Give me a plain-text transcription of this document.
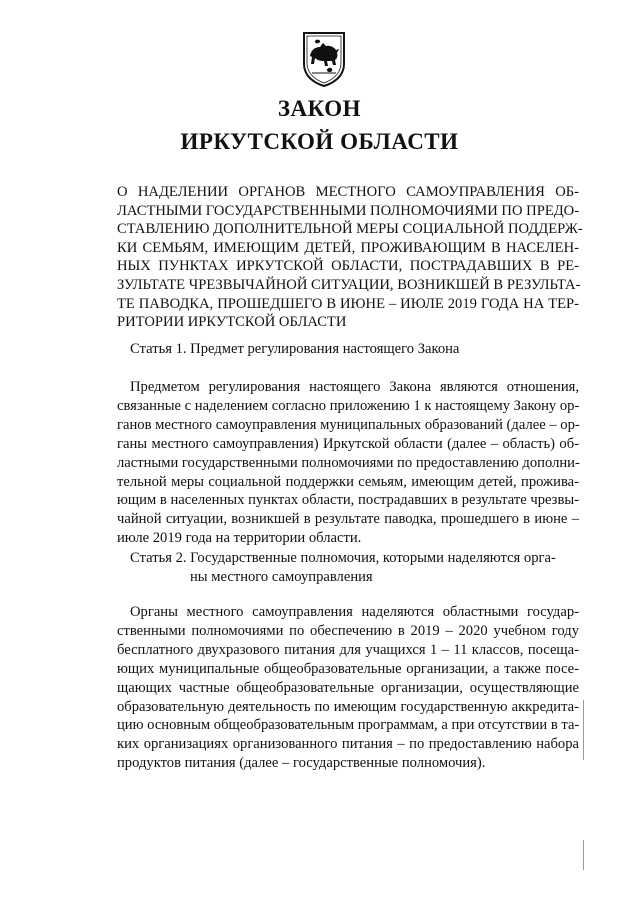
ЗАКОН
ИРКУТСКОЙ ОБЛАСТИ
О НАДЕЛЕНИИ ОРГАНОВ МЕСТНОГО САМОУПРАВЛЕНИЯ ОБ-
ЛАСТНЫМИ ГОСУДАРСТВЕННЫМИ ПОЛНОМОЧИЯМИ ПО ПРЕДО-
СТАВЛЕНИЮ ДОПОЛНИТЕЛЬНОЙ МЕРЫ СОЦИАЛЬНОЙ ПОДДЕРЖ-
КИ СЕМЬЯМ, ИМЕЮЩИМ ДЕТЕЙ, ПРОЖИВАЮЩИМ В НАСЕЛЕН-
НЫХ ПУНКТАХ ИРКУТСКОЙ ОБЛАСТИ, ПОСТРАДАВШИХ В РЕ-
ЗУЛЬТАТЕ ЧРЕЗВЫЧАЙНОЙ СИТУАЦИИ, ВОЗНИКШЕЙ В РЕЗУЛЬТА-
ТЕ ПАВОДКА, ПРОШЕДШЕГО В ИЮНЕ – ИЮЛЕ 2019 ГОДА НА ТЕР-
РИТОРИИ ИРКУТСКОЙ ОБЛАСТИ
Статья 1. Предмет регулирования настоящего Закона
Предметом регулирования настоящего Закона являются отношения,
связанные с наделением согласно приложению 1 к настоящему Закону ор-
ганов местного самоуправления муниципальных образований (далее – ор-
ганы местного самоуправления) Иркутской области (далее – область) об-
ластными государственными полномочиями по предоставлению дополни-
тельной меры социальной поддержки семьям, имеющим детей, прожива-
ющим в населенных пунктах области, пострадавших в результате чрезвы-
чайной ситуации, возникшей в результате паводка, прошедшего в июне –
июле 2019 года на территории области.
Статья 2. Государственные полномочия, которыми наделяются орга-
ны местного самоуправления
Органы местного самоуправления наделяются областными государ-
ственными полномочиями по обеспечению в 2019 – 2020 учебном году
бесплатного двухразового питания для учащихся 1 – 11 классов, посеща-
ющих муниципальные общеобразовательные организации, а также посе-
щающих частные общеобразовательные организации, осуществляющие
образовательную деятельность по имеющим государственную аккредита-
цию основным общеобразовательным программам, а при отсутствии в та-
ких организациях организованного питания – по предоставлению набора
продуктов питания (далее – государственные полномочия).
